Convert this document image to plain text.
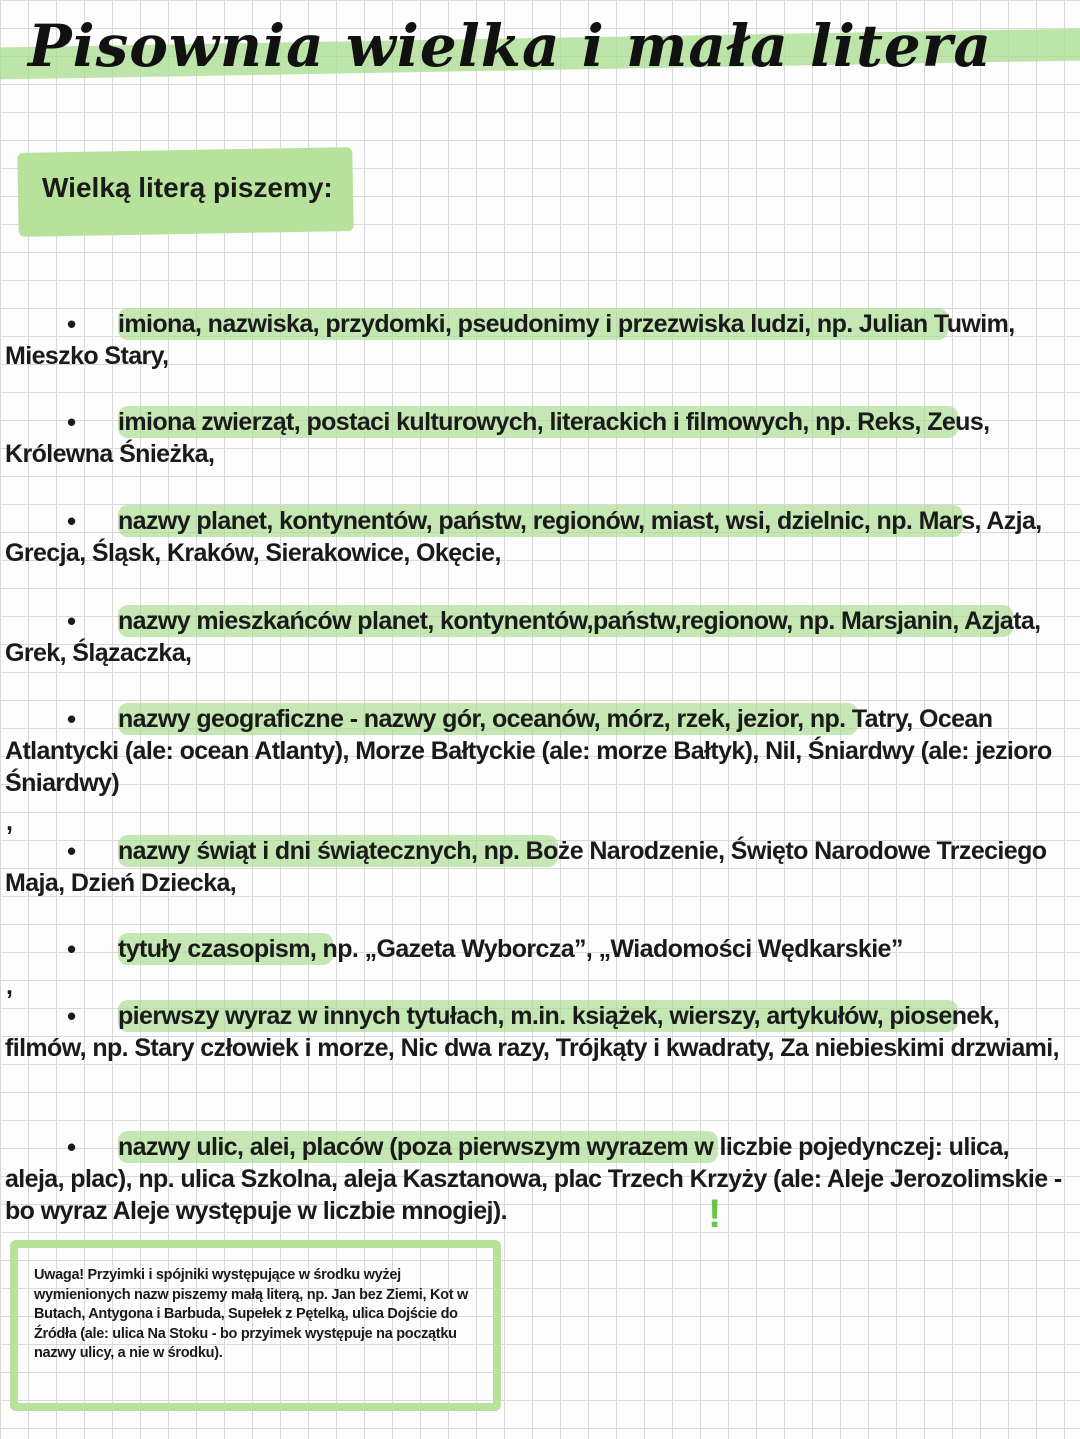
Pisownia wielka i mała litera
Wielką literą piszemy:
•	imiona, nazwiska, przydomki, pseudonimy i przezwiska ludzi, np. Julian Tuwim, Mieszko Stary,
•	imiona zwierząt, postaci kulturowych, literackich i filmowych, np. Reks, Zeus, Królewna Śnieżka,
•	nazwy planet, kontynentów, państw, regionów, miast, wsi, dzielnic, np. Mars, Azja, Grecja, Śląsk, Kraków, Sierakowice, Okęcie,
•	nazwy mieszkańców planet, kontynentów,państw,regionow, np. Marsjanin, Azjata, Grek, Ślązaczka,
•	nazwy geograficzne - nazwy gór, oceanów, mórz, rzek, jezior, np. Tatry, Ocean Atlantycki (ale: ocean Atlanty), Morze Bałtyckie (ale: morze Bałtyk), Nil, Śniardwy (ale: jezioro Śniardwy)
,
•	nazwy świąt i dni świątecznych, np. Boże Narodzenie, Święto Narodowe Trzeciego Maja, Dzień Dziecka,
•	tytuły czasopism, np. „Gazeta Wyborcza”, „Wiadomości Wędkarskie”
,
•	pierwszy wyraz w innych tytułach, m.in. książek, wierszy, artykułów, piosenek, filmów, np. Stary człowiek i morze, Nic dwa razy, Trójkąty i kwadraty, Za niebieskimi drzwiami,
•	nazwy ulic, alei, placów (poza pierwszym wyrazem w liczbie pojedynczej: ulica, aleja, plac), np. ulica Szkolna, aleja Kasztanowa, plac Trzech Krzyży (ale: Aleje Jerozolimskie - bo wyraz Aleje występuje w liczbie mnogiej).	!
Uwaga! Przyimki i spójniki występujące w środku wyżej wymienionych nazw piszemy małą literą, np. Jan bez Ziemi, Kot w Butach, Antygona i Barbuda, Supełek z Pętelką, ulica Dojście do Źródła (ale: ulica Na Stoku - bo przyimek występuje na początku nazwy ulicy, a nie w środku).
